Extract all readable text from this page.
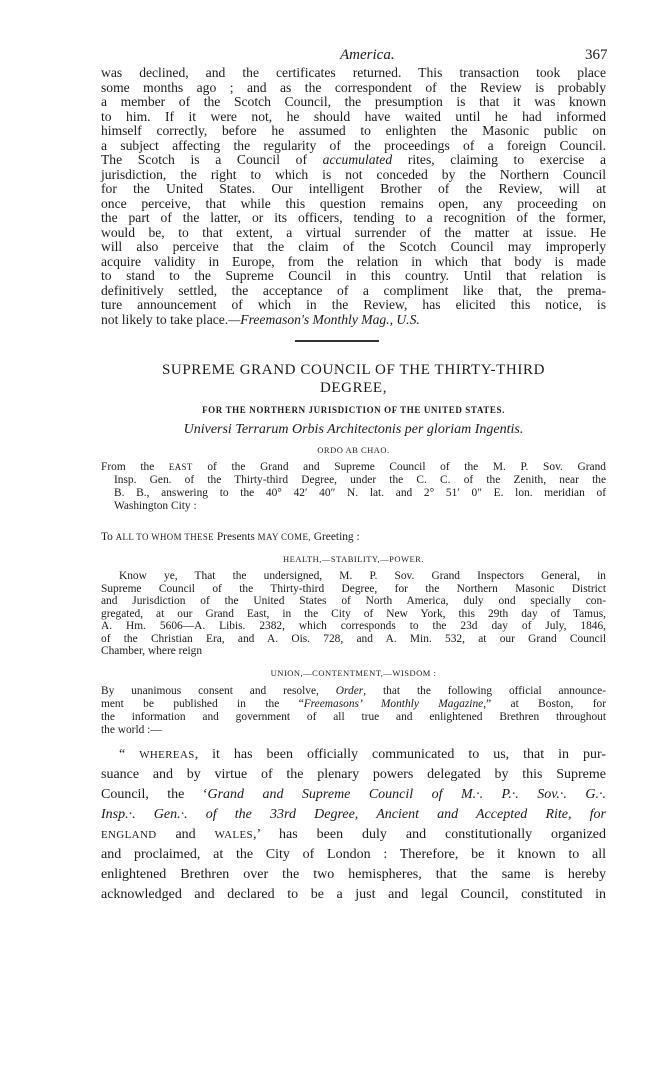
America.	367
was declined, and the certificates returned. This transaction took place
some months ago ; and as the correspondent of the Review is probably
a member of the Scotch Council, the presumption is that it was known
to him. If it were not, he should have waited until he had informed
himself correctly, before he assumed to enlighten the Masonic public on
a subject affecting the regularity of the proceedings of a foreign Council.
The Scotch is a Council of accumulated rites, claiming to exercise a
jurisdiction, the right to which is not conceded by the Northern Council
for the United States. Our intelligent Brother of the Review, will at
once perceive, that while this question remains open, any proceeding on
the part of the latter, or its officers, tending to a recognition of the former,
would be, to that extent, a virtual surrender of the matter at issue. He
will also perceive that the claim of the Scotch Council may improperly
acquire validity in Europe, from the relation in which that body is made
to stand to the Supreme Council in this country. Until that relation is
definitively settled, the acceptance of a compliment like that, the prema-
ture announcement of which in the Review, has elicited this notice, is
not likely to take place.—Freemason's Monthly Mag., U.S.
SUPREME GRAND COUNCIL OF THE THIRTY-THIRD
DEGREE,
FOR THE NORTHERN JURISDICTION OF THE UNITED STATES.
Universi Terrarum Orbis Architectonis per gloriam Ingentis.
ORDO AB CHAO.
From the EAST of the Grand and Supreme Council of the M. P. Sov. Grand
Insp. Gen. of the Thirty-third Degree, under the C. C. of the Zenith, near the
B. B., answering to the 40° 42′ 40″ N. lat. and 2° 51′ 0″ E. lon. meridian of
Washington City :
To ALL TO WHOM THESE Presents MAY COME, Greeting :
HEALTH,—STABILITY,—POWER.
Know ye, That the undersigned, M. P. Sov. Grand Inspectors General, in
Supreme Council of the Thirty-third Degree, for the Northern Masonic District
and Jurisdiction of the United States of North America, duly ond specially con-
gregated, at our Grand East, in the City of New York, this 29th day of Tamus,
A. Hm. 5606—A. Libis. 2382, which corresponds to the 23d day of July, 1846,
of the Christian Era, and A. Ois. 728, and A. Min. 532, at our Grand Council
Chamber, where reign
UNION,—CONTENTMENT,—WISDOM :
By unanimous consent and resolve, Order, that the following official announce-
ment be published in the “Freemasons’ Monthly Magazine,” at Boston, for
the information and government of all true and enlightened Brethren throughout
the world :—
“ WHEREAS, it has been officially communicated to us, that in pur-
suance and by virtue of the plenary powers delegated by this Supreme
Council, the ‘Grand and Supreme Council of M.·. P.·. Sov.·. G.·.
Insp.·. Gen.·. of the 33rd Degree, Ancient and Accepted Rite, for
ENGLAND and WALES,’ has been duly and constitutionally organized
and proclaimed, at the City of London : Therefore, be it known to all
enlightened Brethren over the two hemispheres, that the same is hereby
acknowledged and declared to be a just and legal Council, constituted in
